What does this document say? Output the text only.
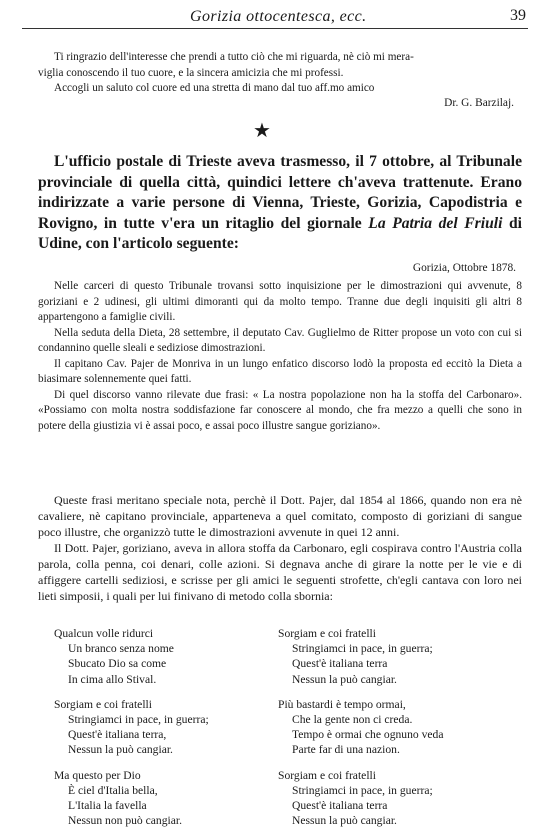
Gorizia ottocentesca, ecc.	39
Ti ringrazio dell'interesse che prendi a tutto ciò che mi riguarda, nè ciò mi mera-
viglia conoscendo il tuo cuore, e la sincera amicizia che mi professi.
Accogli un saluto col cuore ed una stretta di mano dal tuo aff.mo amico
Dr. G. Barzilaj.
★

L'ufficio postale di Trieste aveva trasmesso, il 7 ottobre, al Tribunale provinciale di quella città, quindici lettere ch'aveva trattenute. Erano indirizzate a varie persone di Vienna, Trieste, Gorizia, Capodistria e Rovigno, in tutte v'era un ritaglio del giornale La Patria del Friuli di Udine, con l'articolo seguente:

Gorizia, Ottobre 1878.

Nelle carceri di questo Tribunale trovansi sotto inquisizione per le dimostrazioni qui avvenute, 8 goriziani e 2 udinesi, gli ultimi dimoranti qui da molto tempo. Tranne due degli inquisiti gli altri 8 appartengono a famiglie civili.

Nella seduta della Dieta, 28 settembre, il deputato Cav. Guglielmo de Ritter propose un voto con cui si condannino quelle sleali e sediziose dimostrazioni.

Il capitano Cav. Pajer de Monriva in un lungo enfatico discorso lodò la proposta ed eccitò la Dieta a biasimare solennemente quei fatti.

Di quel discorso vanno rilevate due frasi: « La nostra popolazione non ha la stoffa del Carbonaro». «Possiamo con molta nostra soddisfazione far conoscere al mondo, che fra mezzo a quelli che sono in potere della giustizia vi è assai poco, e assai poco illustre sangue goriziano».

Queste frasi meritano speciale nota, perchè il Dott. Pajer, dal 1854 al 1866, quando non era nè cavaliere, nè capitano provinciale, apparteneva a quel comitato, composto di goriziani di sangue poco illustre, che organizzò tutte le dimostrazioni avvenute in quei 12 anni.

Il Dott. Pajer, goriziano, aveva in allora stoffa da Carbonaro, egli cospirava contro l'Austria colla parola, colla penna, coi denari, colle azioni. Si degnava anche di girare la notte per le vie e di affiggere cartelli sediziosi, e scrisse per gli amici le seguenti strofette, ch'egli cantava con loro nei lieti simposii, i quali per lui finivano di metodo colla sbornia:

Qualcun volle ridurci
Un branco senza nome
Sbucato Dio sa come
In cima allo Stival.
Sorgiam e coi fratelli
Stringiamci in pace, in guerra;
Quest'è italiana terra,
Nessun la può cangiar.
Ma questo per Dio
È ciel d'Italia bella,
L'Italia la favella
Nessun non può cangiar.
Sorgiam e coi fratelli
Stringiamci in pace, in guerra;
Quest'è italiana terra
Nessun la può cangiar.
Più bastardi è tempo ormai,
Che la gente non ci creda.
Tempo è ormai che ognuno veda
Parte far di una nazion.
Sorgiam e coi fratelli
Stringiamci in pace, in guerra;
Quest'è italiana terra
Nessun la può cangiar.
